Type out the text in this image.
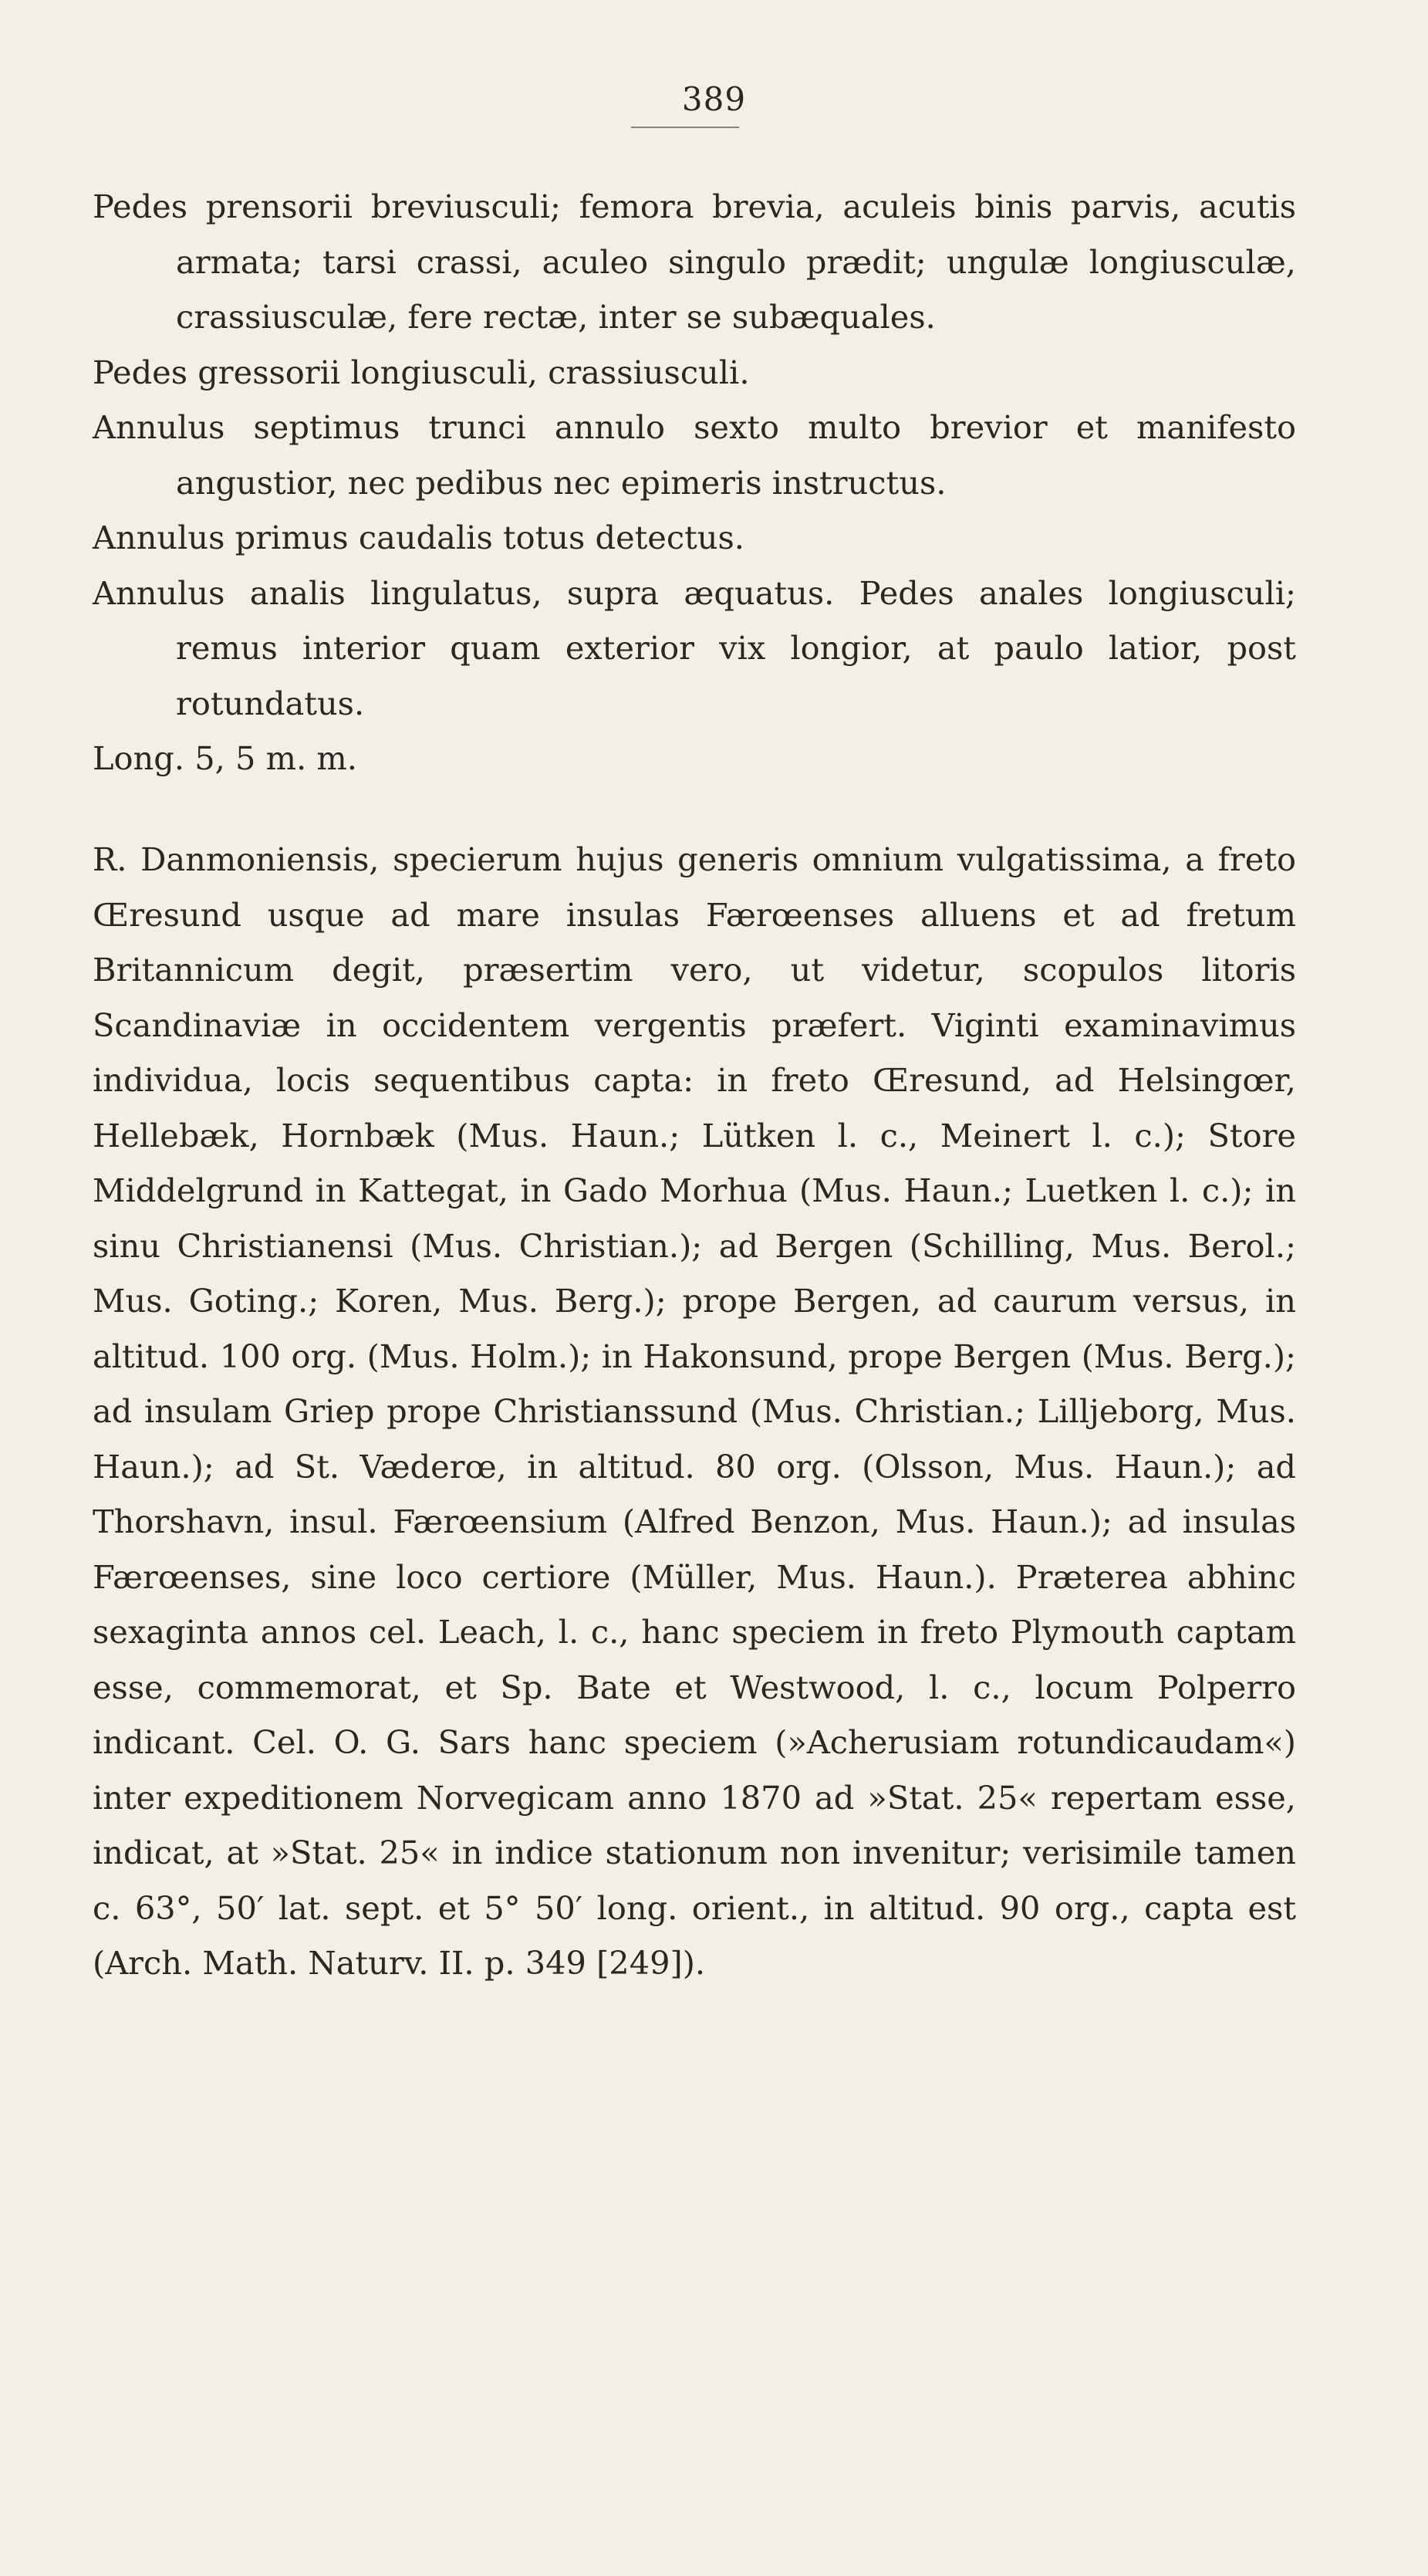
389

Pedes prensorii breviusculi; femora brevia, aculeis binis parvis, acutis armata; tarsi crassi, aculeo singulo prædit; ungulæ longiusculæ, crassiusculæ, fere rectæ, inter se subæquales.

Pedes gressorii longiusculi, crassiusculi.

Annulus septimus trunci annulo sexto multo brevior et manifesto angustior, nec pedibus nec epimeris instructus.

Annulus primus caudalis totus detectus.

Annulus analis lingulatus, supra æquatus. Pedes anales longiusculi; remus interior quam exterior vix longior, at paulo latior, post rotundatus.

Long. 5, 5 m. m.

R. Danmoniensis, specierum hujus generis omnium vulgatissima, a freto Œresund usque ad mare insulas Færœenses alluens et ad fretum Britannicum degit, præsertim vero, ut videtur, scopulos litoris Scandinaviæ in occidentem vergentis præfert. Viginti examinavimus individua, locis sequentibus capta: in freto Œresund, ad Helsingœr, Hellebæk, Hornbæk (Mus. Haun.; Lütken l. c., Meinert l. c.); Store Middelgrund in Kattegat, in Gado Morhua (Mus. Haun.; Luetken l. c.); in sinu Christianensi (Mus. Christian.); ad Bergen (Schilling, Mus. Berol.; Mus. Goting.; Koren, Mus. Berg.); prope Bergen, ad caurum versus, in altitud. 100 org. (Mus. Holm.); in Hakonsund, prope Bergen (Mus. Berg.); ad insulam Griep prope Christianssund (Mus. Christian.; Lilljeborg, Mus. Haun.); ad St. Væderœ, in altitud. 80 org. (Olsson, Mus. Haun.); ad Thorshavn, insul. Færœensium (Alfred Benzon, Mus. Haun.); ad insulas Færœenses, sine loco certiore (Müller, Mus. Haun.). Præterea abhinc sexaginta annos cel. Leach, l. c., hanc speciem in freto Plymouth captam esse, commemorat, et Sp. Bate et Westwood, l. c., locum Polperro indicant. Cel. O. G. Sars hanc speciem (»Acherusiam rotundicaudam«) inter expeditionem Norvegicam anno 1870 ad »Stat. 25« repertam esse, indicat, at »Stat. 25« in indice stationum non invenitur; verisimile tamen c. 63°, 50′ lat. sept. et 5° 50′ long. orient., in altitud. 90 org., capta est (Arch. Math. Naturv. II. p. 349 [249]).
